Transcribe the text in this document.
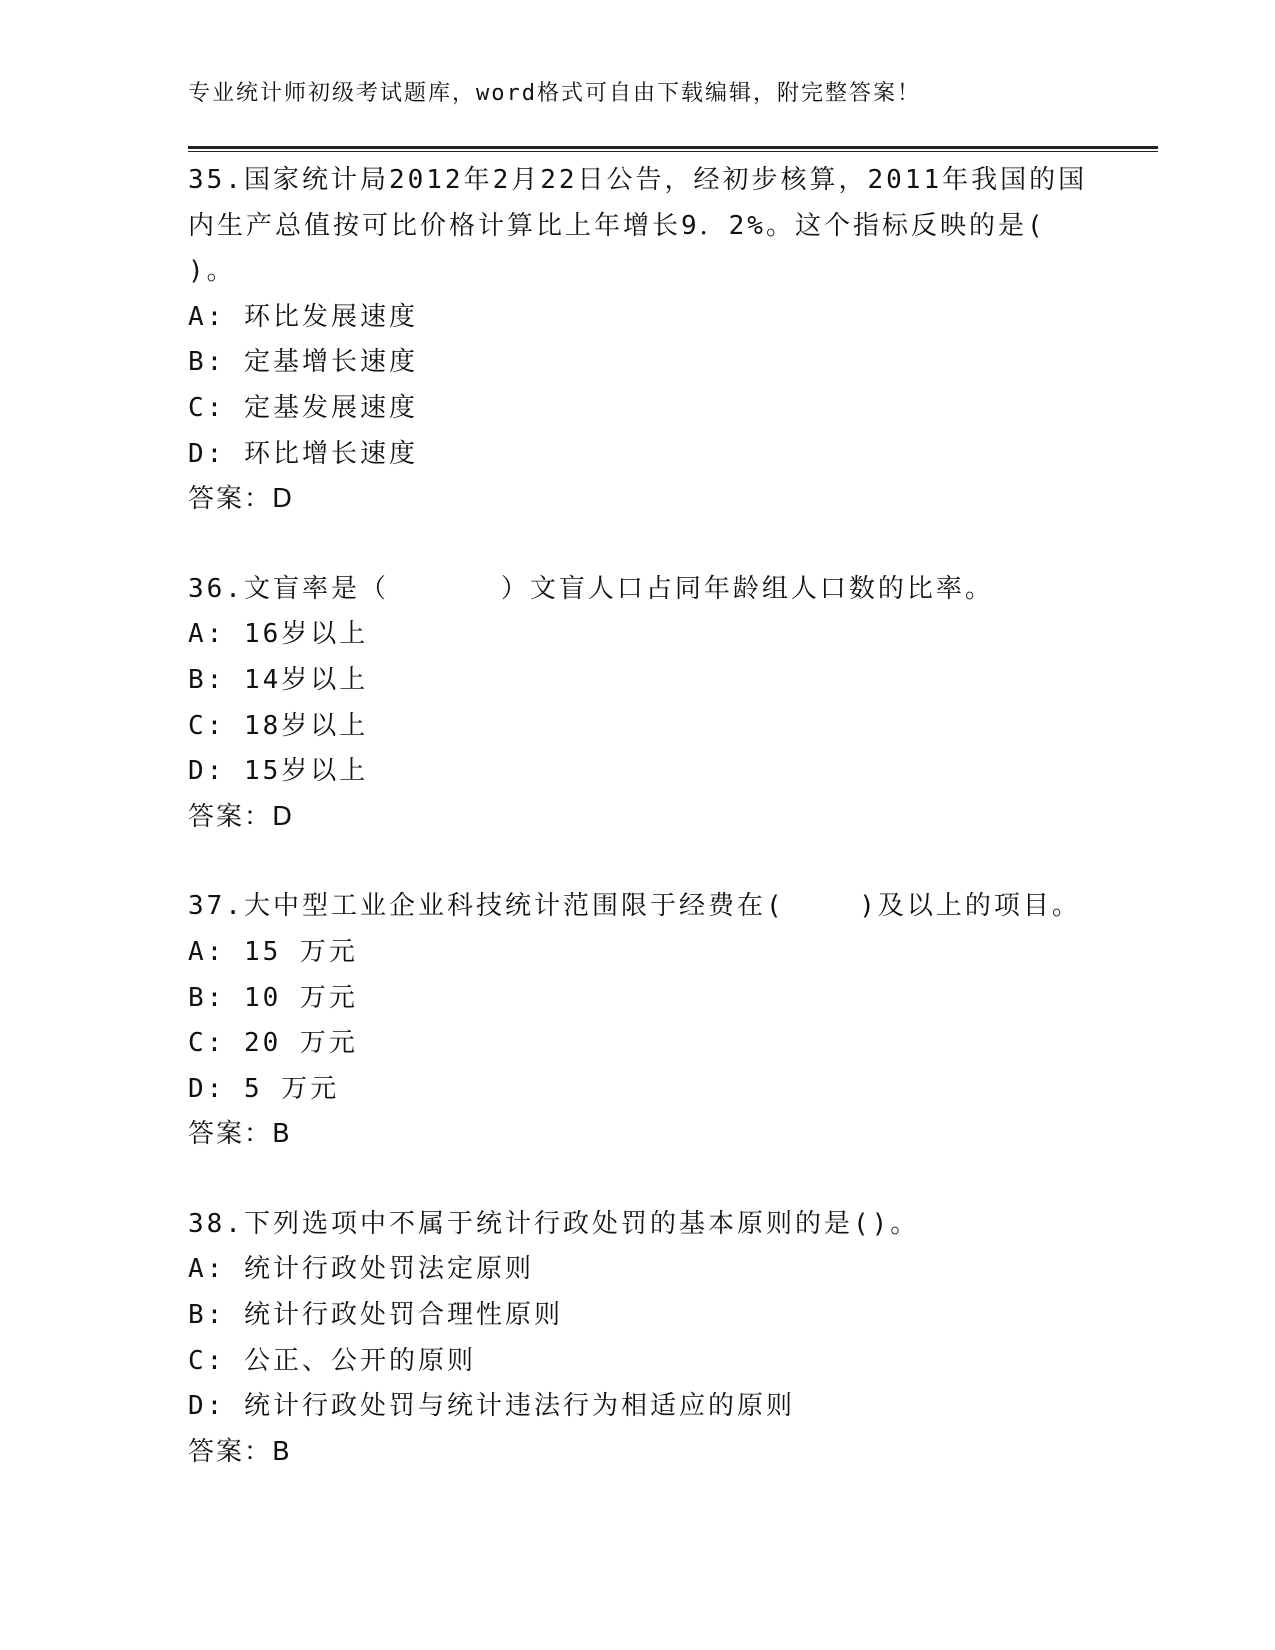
专业统计师初级考试题库，word格式可自由下载编辑，附完整答案！
35.国家统计局2012年2月22日公告，经初步核算，2011年我国的国
内生产总值按可比价格计算比上年增长9．2%。这个指标反映的是(
)。
A: 环比发展速度
B: 定基增长速度
C: 定基发展速度
D: 环比增长速度
答案：D
36.文盲率是（      ）文盲人口占同年龄组人口数的比率。
A: 16岁以上
B: 14岁以上
C: 18岁以上
D: 15岁以上
答案：D
37.大中型工业企业科技统计范围限于经费在(    )及以上的项目。
A: 15 万元
B: 10 万元
C: 20 万元
D: 5 万元
答案：B
38.下列选项中不属于统计行政处罚的基本原则的是()。
A: 统计行政处罚法定原则
B: 统计行政处罚合理性原则
C: 公正、公开的原则
D: 统计行政处罚与统计违法行为相适应的原则
答案：B
